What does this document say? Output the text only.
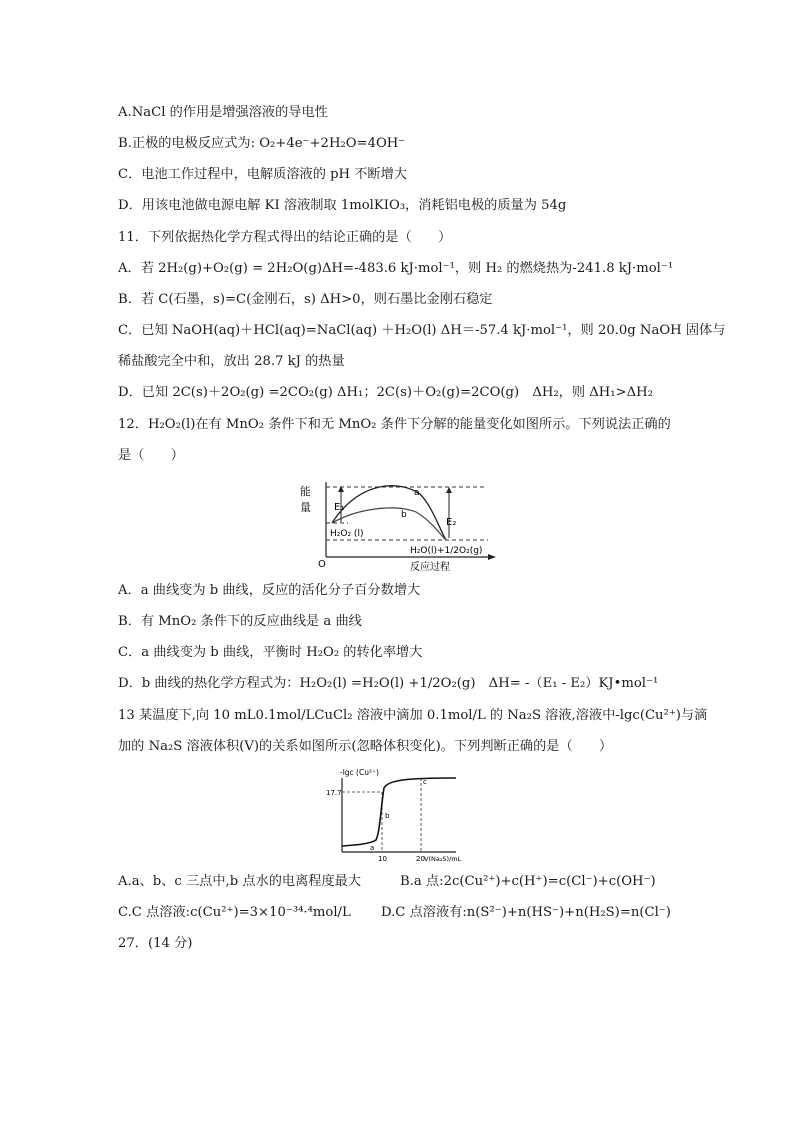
A.NaCl 的作用是增强溶液的导电性
B.正极的电极反应式为: O₂+4e⁻+2H₂O=4OH⁻
C．电池工作过程中，电解质溶液的 pH 不断增大
D．用该电池做电源电解 KI 溶液制取 1molKIO₃，消耗铝电极的质量为 54g
11．下列依据热化学方程式得出的结论正确的是（　　）
A．若 2H₂(g)+O₂(g) = 2H₂O(g)ΔH=-483.6 kJ·mol⁻¹，则 H₂ 的燃烧热为-241.8 kJ·mol⁻¹
B．若 C(石墨，s)=C(金刚石，s) ΔH>0，则石墨比金刚石稳定
C．已知 NaOH(aq)＋HCl(aq)=NaCl(aq) ＋H₂O(l) ΔH＝-57.4 kJ·mol⁻¹，则 20.0g NaOH 固体与
稀盐酸完全中和，放出 28.7 kJ 的热量
D．已知 2C(s)＋2O₂(g) =2CO₂(g) ΔH₁；2C(s)＋O₂(g)=2CO(g)　ΔH₂，则 ΔH₁>ΔH₂
12．H₂O₂(l)在有 MnO₂ 条件下和无 MnO₂ 条件下分解的能量变化如图所示。下列说法正确的
是（　　）
能
量 E₁
E₂
a
b
H₂O₂ (l)
H₂O(l)+1/2O₂(g)
O	反应过程
A．a 曲线变为 b 曲线，反应的活化分子百分数增大
B．有 MnO₂ 条件下的反应曲线是 a 曲线
C．a 曲线变为 b 曲线，平衡时 H₂O₂ 的转化率增大
D．b 曲线的热化学方程式为：H₂O₂(l) =H₂O(l) +1/2O₂(g)　ΔH= -（E₁ - E₂）KJ•mol⁻¹
13 某温度下,向 10 mL0.1mol/LCuCl₂ 溶液中滴加 0.1mol/L 的 Na₂S 溶液,溶液中-lgc(Cu²⁺)与滴
加的 Na₂S 溶液体积(V)的关系如图所示(忽略体积变化)。下列判断正确的是（　　）
-lgc (Cu²⁺)
17.7
10	20 V(Na₂S)/mL
a
b
c
A.a、b、c 三点中,b 点水的电离程度最大	B.a 点:2c(Cu²⁺)+c(H⁺)=c(Cl⁻)+c(OH⁻)
C.C 点溶液:c(Cu²⁺)=3×10⁻³⁴·⁴mol/L D.C 点溶液有:n(S²⁻)+n(HS⁻)+n(H₂S)=n(Cl⁻)
27．(14 分)
